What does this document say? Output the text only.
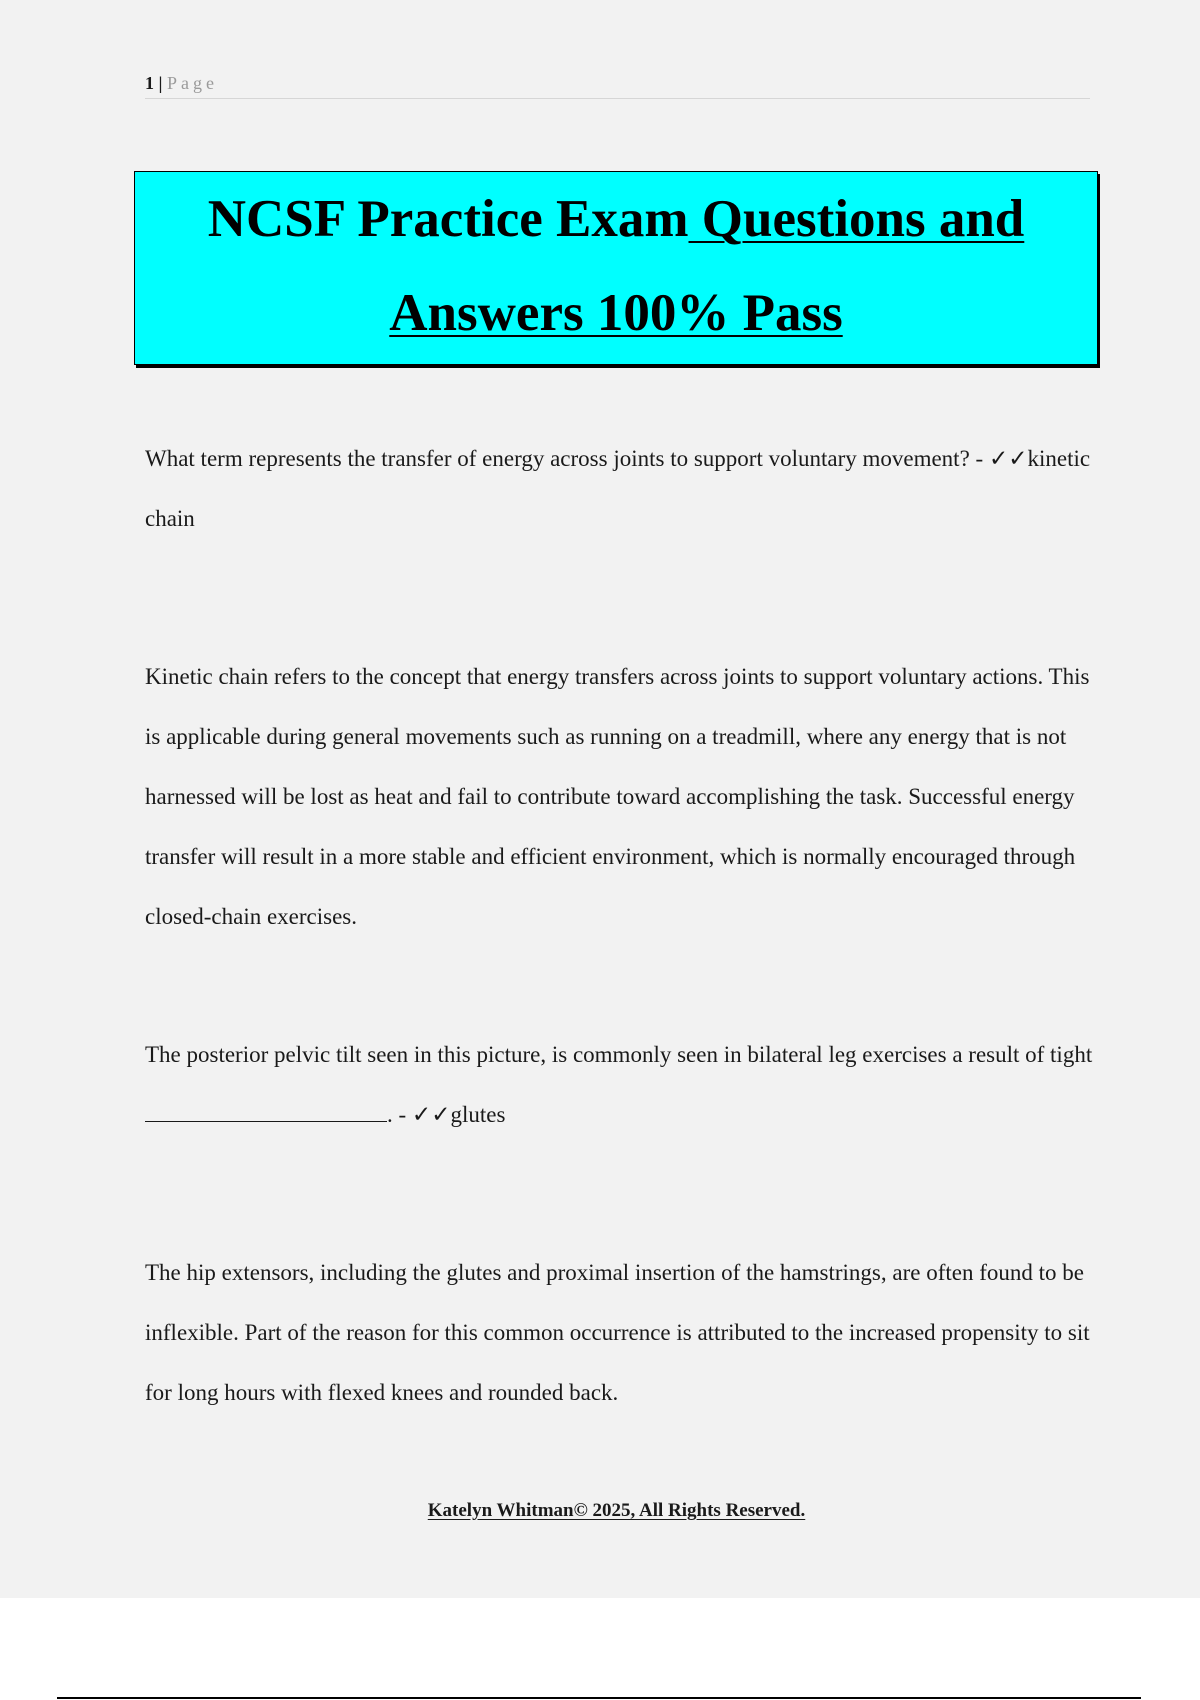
1 | Page
NCSF Practice Exam Questions and
Answers 100% Pass
What term represents the transfer of energy across joints to support voluntary movement? - ✓✓kinetic chain
Kinetic chain refers to the concept that energy transfers across joints to support voluntary actions. This is applicable during general movements such as running on a treadmill, where any energy that is not harnessed will be lost as heat and fail to contribute toward accomplishing the task. Successful energy transfer will result in a more stable and efficient environment, which is normally encouraged through closed-chain exercises.
The posterior pelvic tilt seen in this picture, is commonly seen in bilateral leg exercises a result of tight . - ✓✓glutes
The hip extensors, including the glutes and proximal insertion of the hamstrings, are often found to be inflexible. Part of the reason for this common occurrence is attributed to the increased propensity to sit for long hours with flexed knees and rounded back.
Katelyn Whitman© 2025, All Rights Reserved.
